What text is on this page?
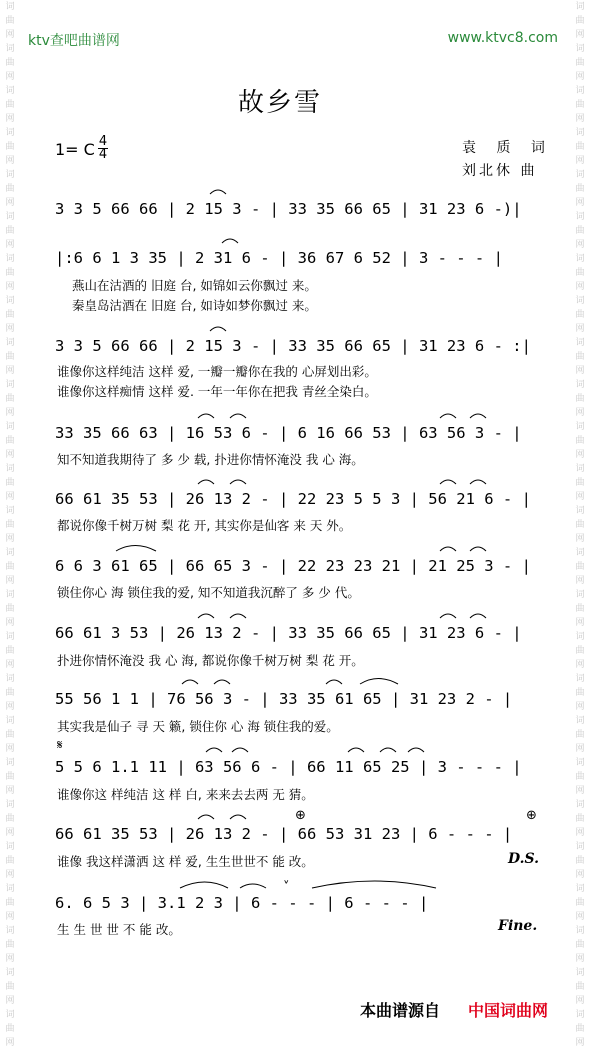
词
曲
网
词
曲
网
词
曲
网
词
曲
网
词
曲
网
词
曲
网
词
曲
网
词
曲
网
词
曲
网
词
曲
网
词
曲
网
词
曲
网
词
曲
网
词
曲
网
词
曲
网
词
曲
网
词
曲
网
词
曲
网
词
曲
网
词
曲
网
词
曲
网
词
曲
网
词
曲
网
词
曲
网
词
曲
网
词
曲
网
词
曲
网
词
曲
网
词
曲
网
词
曲
网
词
曲
网
词
曲
网
词
曲
网
词
曲
网
词
曲
网
词
曲
网
词
曲
网
词
曲
网
词
曲
网
词
曲
网
词
曲
网
词
曲
网
词
曲
网
词
曲
网
词
曲
网
词
曲
网
词
曲
网
词
曲
网
词
曲
网
词
曲
网
ktv查吧曲谱网	www.ktvc8.com
故乡雪
1= C 4
4	袁 质 词
刘北休 曲
3 3 5 66 66 | 2 15 3 - | 33 35 66 65 | 31 23 6 -)|
|:6 6 1 3 35 | 2 31 6 - | 36 67 6 52 | 3 - - - |
燕山在沽酒的 旧庭 台, 如锦如云你飘过 来。
秦皇岛沽酒在 旧庭 台, 如诗如梦你飘过 来。
3 3 5 66 66 | 2 15 3 - | 33 35 66 65 | 31 23 6 - :|
谁像你这样纯洁 这样 爱, 一瓣一瓣你在我的 心屏划出彩。
谁像你这样痴情 这样 爱. 一年一年你在把我 青丝全染白。
33 35 66 63 | 16 53 6 - | 6 16 66 53 | 63 56 3 - |
知不知道我期待了 多 少 载, 扑进你情怀淹没 我 心 海。
66 61 35 53 | 26 13 2 - | 22 23 5 5 3 | 56 21 6 - |
都说你像千树万树 梨 花 开, 其实你是仙客 来 天 外。
6 6 3 61 65 | 66 65 3 - | 22 23 23 21 | 21 25 3 - |
锁住你心 海 锁住我的爱, 知不知道我沉醉了 多 少 代。
66 61 3 53 | 26 13 2 - | 33 35 66 65 | 31 23 6 - |
扑进你情怀淹没 我 心 海, 都说你像千树万树 梨 花 开。
55 56 1 1 | 76 56 3 - | 33 35 61 65 | 31 23 2 - |
其实我是仙子 寻 天 籁, 锁住你 心 海 锁住我的爱。
𝄋
5 5 6 1.1 11 | 63 56 6 - | 66 11 65 25 | 3 - - - |
谁像你这 样纯洁 这 样 白, 来来去去两 无 猜。
⊕	⊕
66 61 35 53 | 26 13 2 - | 66 53 31 23 | 6 - - - |
谁像 我这样潇洒 这 样 爱, 生生世世不 能 改。	D.S.
˅
6. 6 5 3 | 3.1 2 3 | 6 - - - | 6 - - - |
生 生 世 世 不 能 改。	Fine.
本曲谱源自 中国词曲网
